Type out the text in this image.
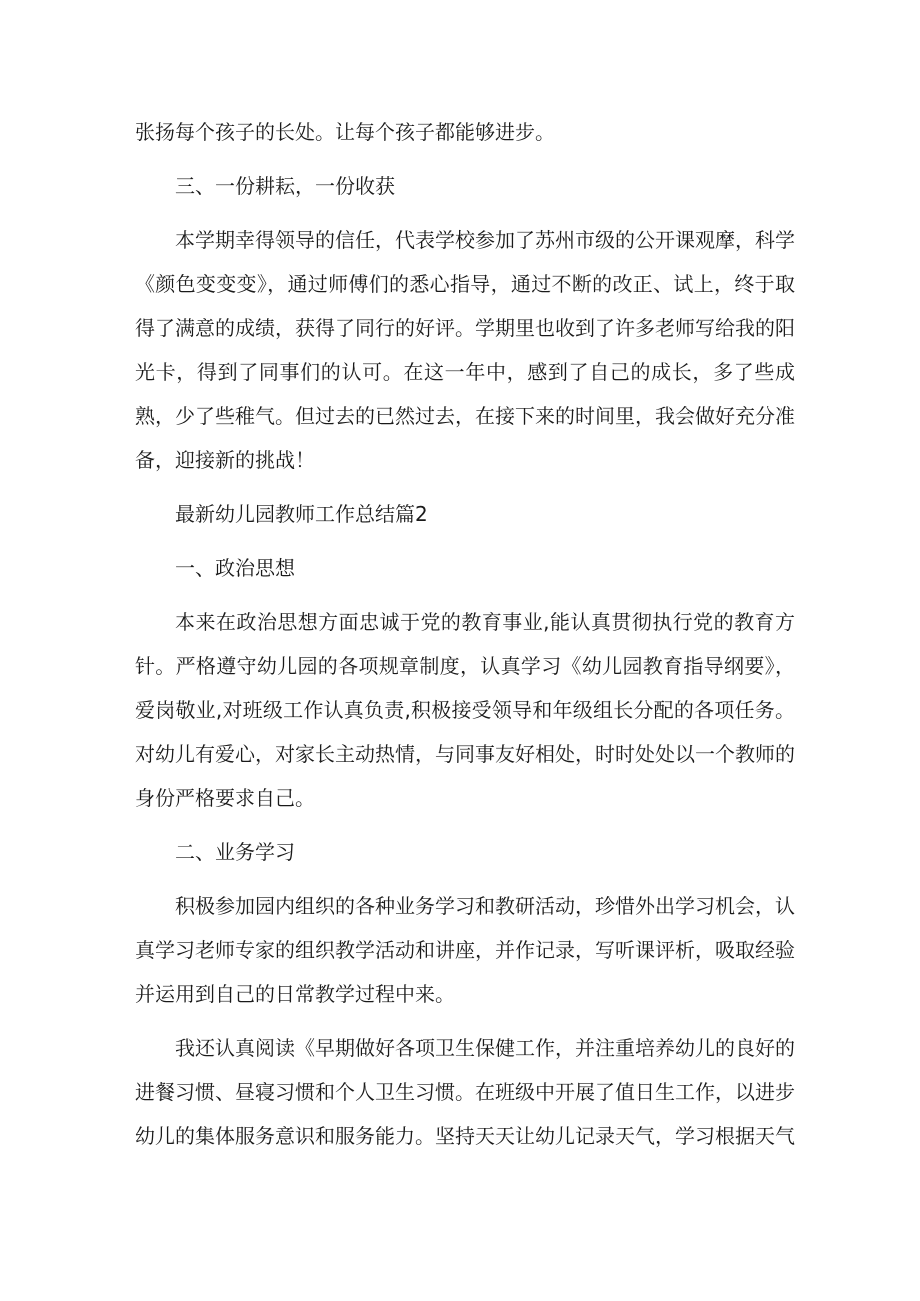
张扬每个孩子的长处。让每个孩子都能够进步。

三、一份耕耘，一份收获

本学期幸得领导的信任，代表学校参加了苏州市级的公开课观摩，科学《颜色变变变》，通过师傅们的悉心指导，通过不断的改正、试上，终于取得了满意的成绩，获得了同行的好评。学期里也收到了许多老师写给我的阳光卡，得到了同事们的认可。在这一年中，感到了自己的成长，多了些成熟，少了些稚气。但过去的已然过去，在接下来的时间里，我会做好充分准备，迎接新的挑战！

最新幼儿园教师工作总结篇2

一、政治思想

本来在政治思想方面忠诚于党的教育事业,能认真贯彻执行党的教育方针。严格遵守幼儿园的各项规章制度，认真学习《幼儿园教育指导纲要》，爱岗敬业,对班级工作认真负责,积极接受领导和年级组长分配的各项任务。对幼儿有爱心，对家长主动热情，与同事友好相处，时时处处以一个教师的身份严格要求自己。

二、业务学习

积极参加园内组织的各种业务学习和教研活动，珍惜外出学习机会，认真学习老师专家的组织教学活动和讲座，并作记录，写听课评析，吸取经验并运用到自己的日常教学过程中来。

我还认真阅读《早期做好各项卫生保健工作，并注重培养幼儿的良好的进餐习惯、昼寝习惯和个人卫生习惯。在班级中开展了值日生工作，以进步幼儿的集体服务意识和服务能力。坚持天天让幼儿记录天气，学习根据天气
